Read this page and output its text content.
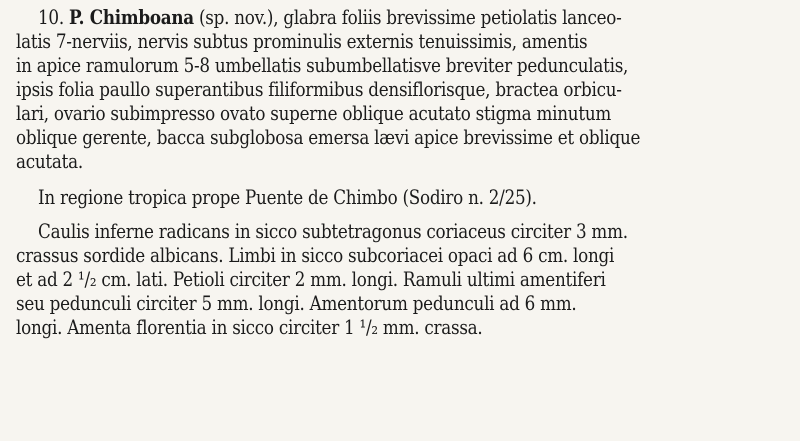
10. P. Chimboana (sp. nov.), glabra foliis brevissime petiolatis lanceo-
latis 7-nerviis, nervis subtus prominulis externis tenuissimis, amentis
in apice ramulorum 5-8 umbellatis subumbellatisve breviter pedunculatis,
ipsis folia paullo superantibus filiformibus densiflorisque, bractea orbicu-
lari, ovario subimpresso ovato superne oblique acutato stigma minutum
oblique gerente, bacca subglobosa emersa lævi apice brevissime et oblique
acutata.
In regione tropica prope Puente de Chimbo (Sodiro n. 2/25).
Caulis inferne radicans in sicco subtetragonus coriaceus circiter 3 mm.
crassus sordide albicans. Limbi in sicco subcoriacei opaci ad 6 cm. longi
et ad 2 ¹/₂ cm. lati. Petioli circiter 2 mm. longi. Ramuli ultimi amentiferi
seu pedunculi circiter 5 mm. longi. Amentorum pedunculi ad 6 mm.
longi. Amenta florentia in sicco circiter 1 ¹/₂ mm. crassa.
